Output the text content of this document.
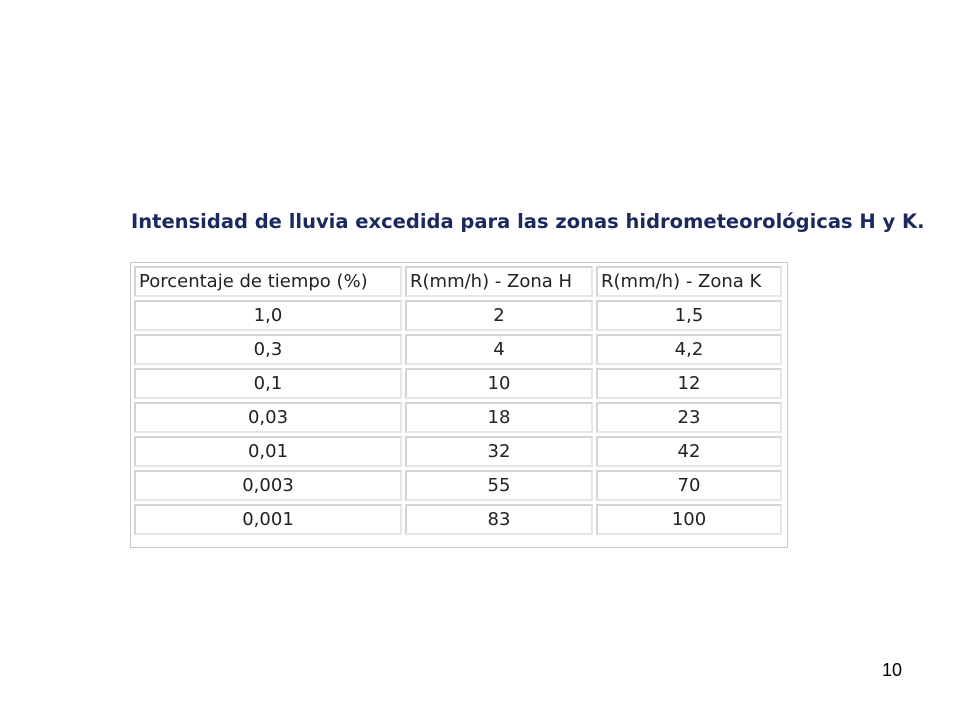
Intensidad de lluvia excedida para las zonas hidrometeorológicas H y K.
Porcentaje de tiempo (%)	R(mm/h) - Zona H	R(mm/h) - Zona K
1,0	2	1,5
0,3	4	4,2
0,1	10	12
0,03	18	23
0,01	32	42
0,003	55	70
0,001	83	100
10
